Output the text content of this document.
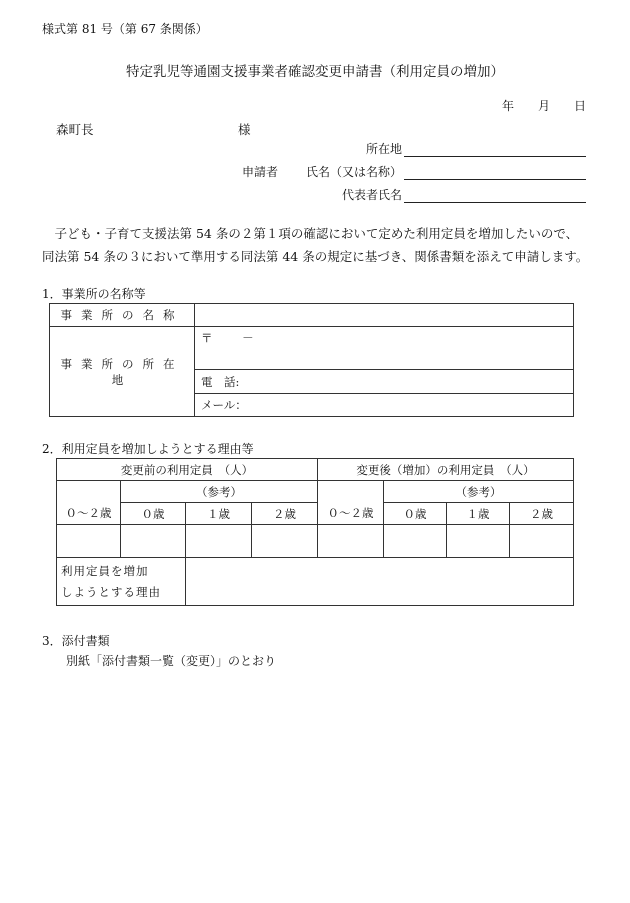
様式第 81 号（第 67 条関係）
特定乳児等通園支援事業者確認変更申請書（利用定員の増加）
年　　月　　日
森町長	様
所在地
申請者 氏名（又は名称）
代表者氏名
子ども・子育て支援法第 54 条の２第１項の確認において定めた利用定員を増加したいので、同法第 54 条の３において準用する同法第 44 条の規定に基づき、関係書類を添えて申請します。
1．事業所の名称等
事業所の名称	
事業所の所在地	〒 －
	電　話:
	メール：
2．利用定員を増加しようとする理由等
変更前の利用定員　（人）				変更後（増加）の利用定員　（人）			
	（参考）				（参考）		
０～２歳	０歳	１歳	２歳	０～２歳	０歳	１歳	２歳

利用定員を増加
しようとする理由							

3．添付書類
別紙「添付書類一覧（変更）」のとおり
